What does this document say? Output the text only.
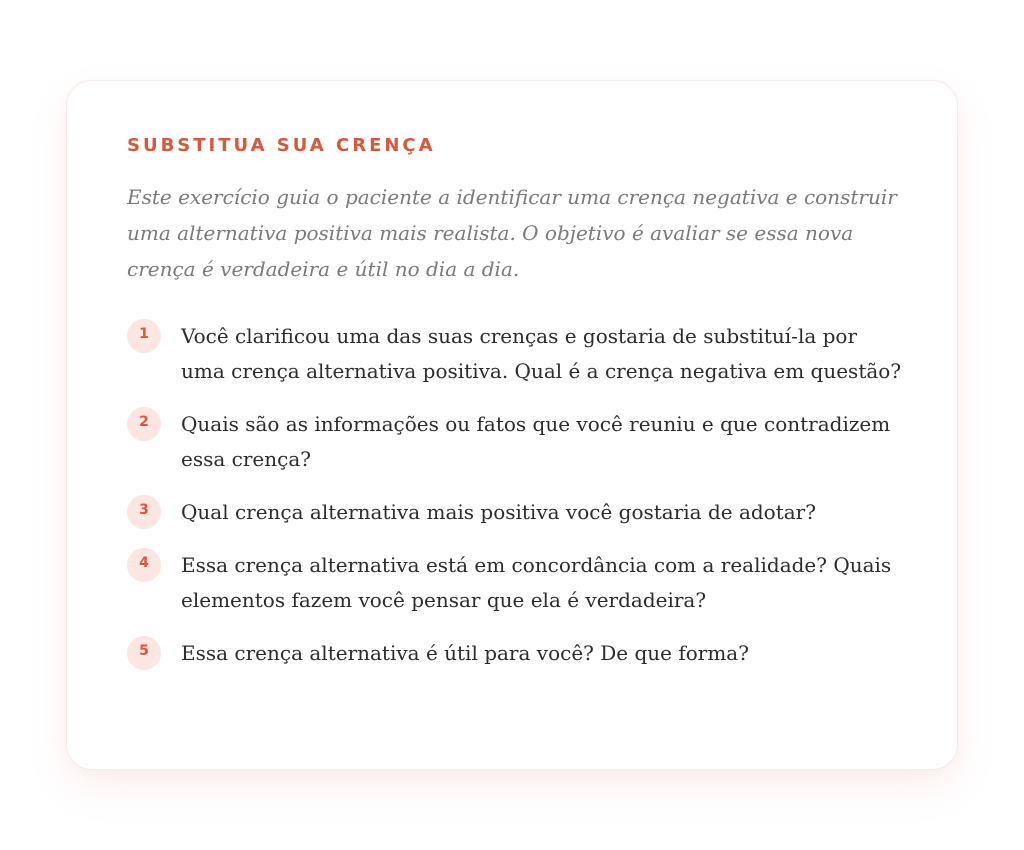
SUBSTITUA SUA CRENÇA

Este exercício guia o paciente a identificar uma crença negativa e construir uma alternativa positiva mais realista. O objetivo é avaliar se essa nova crença é verdadeira e útil no dia a dia.

1	Você clarificou uma das suas crenças e gostaria de substituí-la por uma crença alternativa positiva. Qual é a crença negativa em questão?
2	Quais são as informações ou fatos que você reuniu e que contradizem essa crença?
3	Qual crença alternativa mais positiva você gostaria de adotar?
4	Essa crença alternativa está em concordância com a realidade? Quais elementos fazem você pensar que ela é verdadeira?
5	Essa crença alternativa é útil para você? De que forma?
